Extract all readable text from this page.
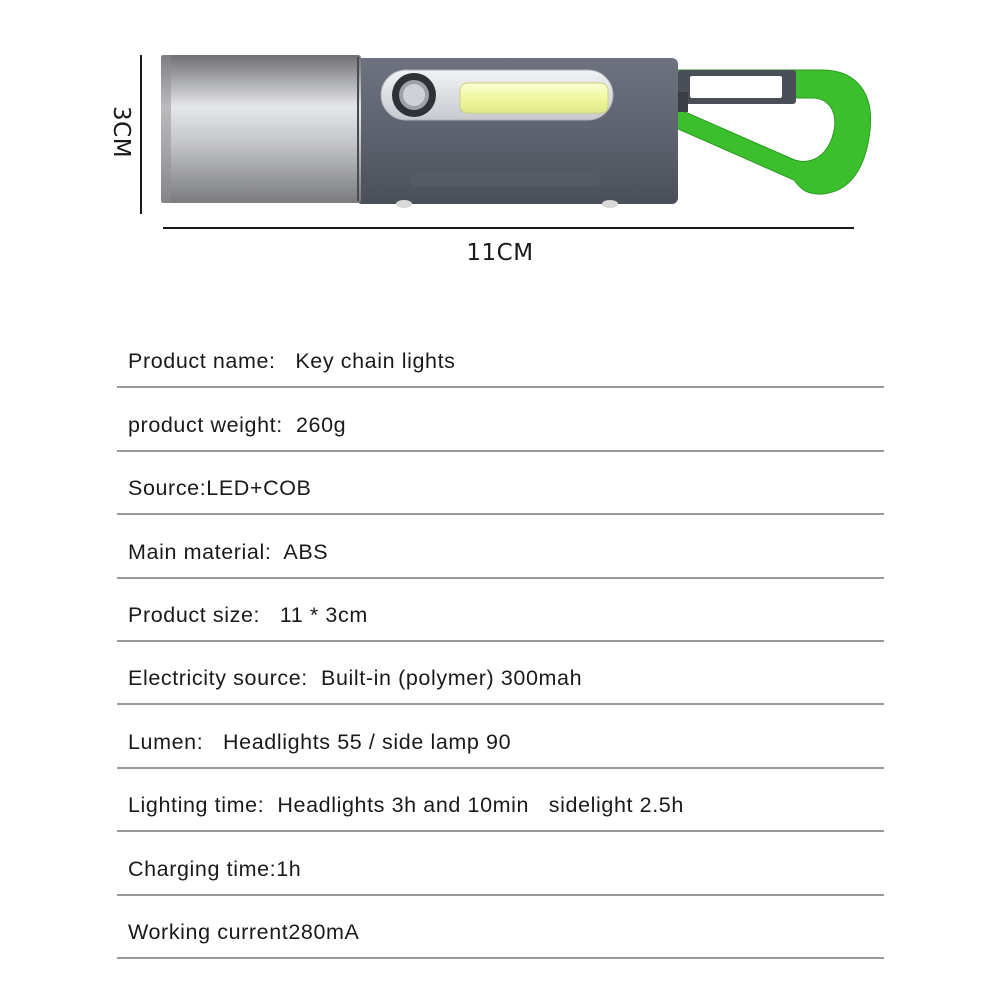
3CM
11CM
Product name:   Key chain lights
product weight:  260g
Source:LED+COB
Main material:  ABS
Product size:   11 * 3cm
Electricity source:  Built-in (polymer) 300mah
Lumen:   Headlights 55 / side lamp 90
Lighting time:  Headlights 3h and 10min   sidelight 2.5h
Charging time:1h
Working current280mA
